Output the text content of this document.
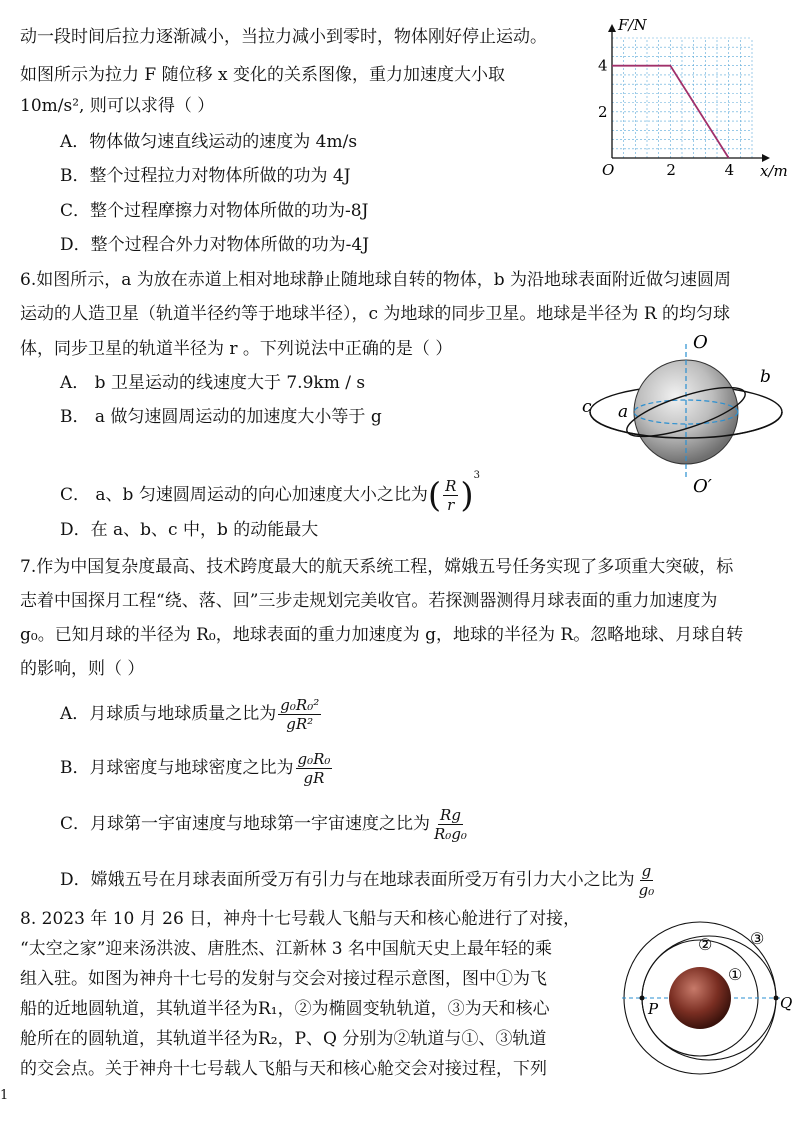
动一段时间后拉力逐渐减小，当拉力减小到零时，物体刚好停止运动。
如图所示为拉力 F 随位移 x 变化的关系图像，重力加速度大小取
10m/s², 则可以求得（ ）
A．物体做匀速直线运动的速度为 4m/s
B．整个过程拉力对物体所做的功为 4J
C．整个过程摩擦力对物体所做的功为-8J
D．整个过程合外力对物体所做的功为-4J
F/N
x/m
O	2	4
2
4
6.如图所示，a 为放在赤道上相对地球静止随地球自转的物体，b 为沿地球表面附近做匀速圆周
运动的人造卫星（轨道半径约等于地球半径），c 为地球的同步卫星。地球是半径为 R 的均匀球
体，同步卫星的轨道半径为 r 。下列说法中正确的是（ ）
A． b 卫星运动的线速度大于 7.9km / s
B． a 做匀速圆周运动的加速度大小等于 g
C． a、b 匀速圆周运动的向心加速度大小之比为( $\frac{R}{r} )^3$
D．在 a、b、c 中，b 的动能最大
O
O′
a
b
c
7.作为中国复杂度最高、技术跨度最大的航天系统工程，嫦娥五号任务实现了多项重大突破，标
志着中国探月工程“绕、落、回”三步走规划完美收官。若探测器测得月球表面的重力加速度为
g₀。已知月球的半径为 R₀，地球表面的重力加速度为 g，地球的半径为 R。忽略地球、月球自转
的影响，则（ ）
A．月球质与地球质量之比为 $\frac{\text{g₀R₀²}}{\text{gR²}}$
B．月球密度与地球密度之比为 $\frac{\text{g₀R₀}}{gR}$
C．月球第一宇宙速度与地球第一宇宙速度之比为 $\frac{Rg}{\text{R₀g₀}}$
D．嫦娥五号在月球表面所受万有引力与在地球表面所受万有引力大小之比为 $\frac{g}{\text{g₀}}$
8. 2023 年 10 月 26 日，神舟十七号载人飞船与天和核心舱进行了对接，
“太空之家”迎来汤洪波、唐胜杰、江新林 3 名中国航天史上最年轻的乘
组入驻。如图为神舟十七号的发射与交会对接过程示意图，图中①为飞
船的近地圆轨道，其轨道半径为R₁，②为椭圆变轨轨道，③为天和核心
舱所在的圆轨道，其轨道半径为R₂，P、Q 分别为②轨道与①、③轨道
的交会点。关于神舟十七号载人飞船与天和核心舱交会对接过程，下列
①
② ③
P	Q
1
